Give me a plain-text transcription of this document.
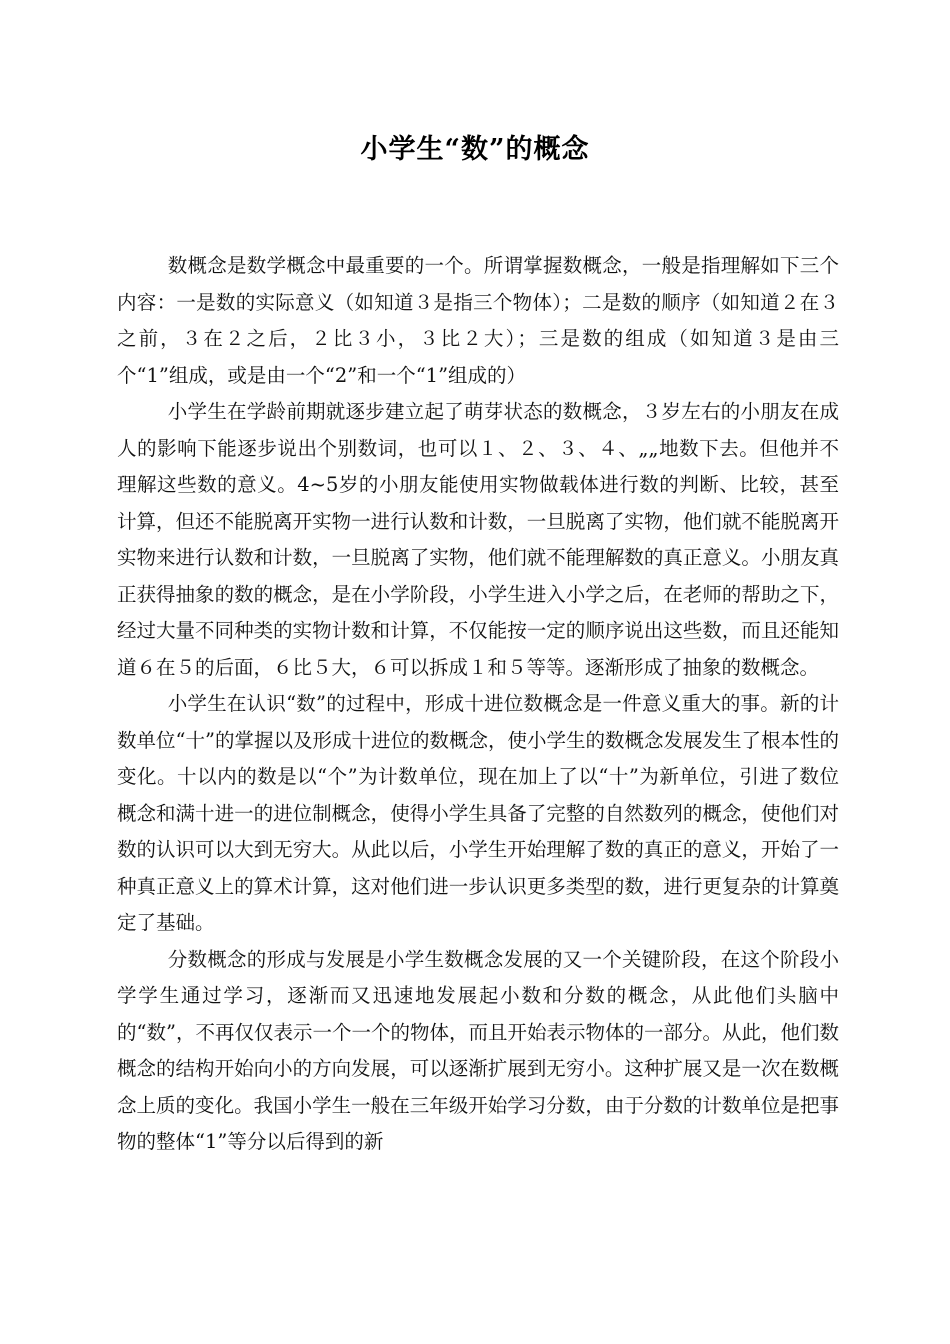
小学生“数”的概念

数概念是数学概念中最重要的一个。所谓掌握数概念，一般是指理解如下三个内容：一是数的实际意义（如知道３是指三个物体）；二是数的顺序（如知道２在３之前，３在２之后，２比３小，３比２大）；三是数的组成（如知道３是由三个“1”组成，或是由一个“2”和一个“1”组成的）

小学生在学龄前期就逐步建立起了萌芽状态的数概念，３岁左右的小朋友在成人的影响下能逐步说出个别数词，也可以１、２、３、４、„„地数下去。但他并不理解这些数的意义。4~5岁的小朋友能使用实物做载体进行数的判断、比较，甚至计算，但还不能脱离开实物一进行认数和计数，一旦脱离了实物，他们就不能脱离开实物来进行认数和计数，一旦脱离了实物，他们就不能理解数的真正意义。小朋友真正获得抽象的数的概念，是在小学阶段，小学生进入小学之后，在老师的帮助之下，经过大量不同种类的实物计数和计算，不仅能按一定的顺序说出这些数，而且还能知道６在５的后面，６比５大，６可以拆成１和５等等。逐渐形成了抽象的数概念。

小学生在认识“数”的过程中，形成十进位数概念是一件意义重大的事。新的计数单位“十”的掌握以及形成十进位的数概念，使小学生的数概念发展发生了根本性的变化。十以内的数是以“个”为计数单位，现在加上了以“十”为新单位，引进了数位概念和满十进一的进位制概念，使得小学生具备了完整的自然数列的概念，使他们对数的认识可以大到无穷大。从此以后，小学生开始理解了数的真正的意义，开始了一种真正意义上的算术计算，这对他们进一步认识更多类型的数，进行更复杂的计算奠定了基础。

分数概念的形成与发展是小学生数概念发展的又一个关键阶段，在这个阶段小学学生通过学习，逐渐而又迅速地发展起小数和分数的概念，从此他们头脑中的“数”，不再仅仅表示一个一个的物体，而且开始表示物体的一部分。从此，他们数概念的结构开始向小的方向发展，可以逐渐扩展到无穷小。这种扩展又是一次在数概念上质的变化。我国小学生一般在三年级开始学习分数，由于分数的计数单位是把事物的整体“1”等分以后得到的新
